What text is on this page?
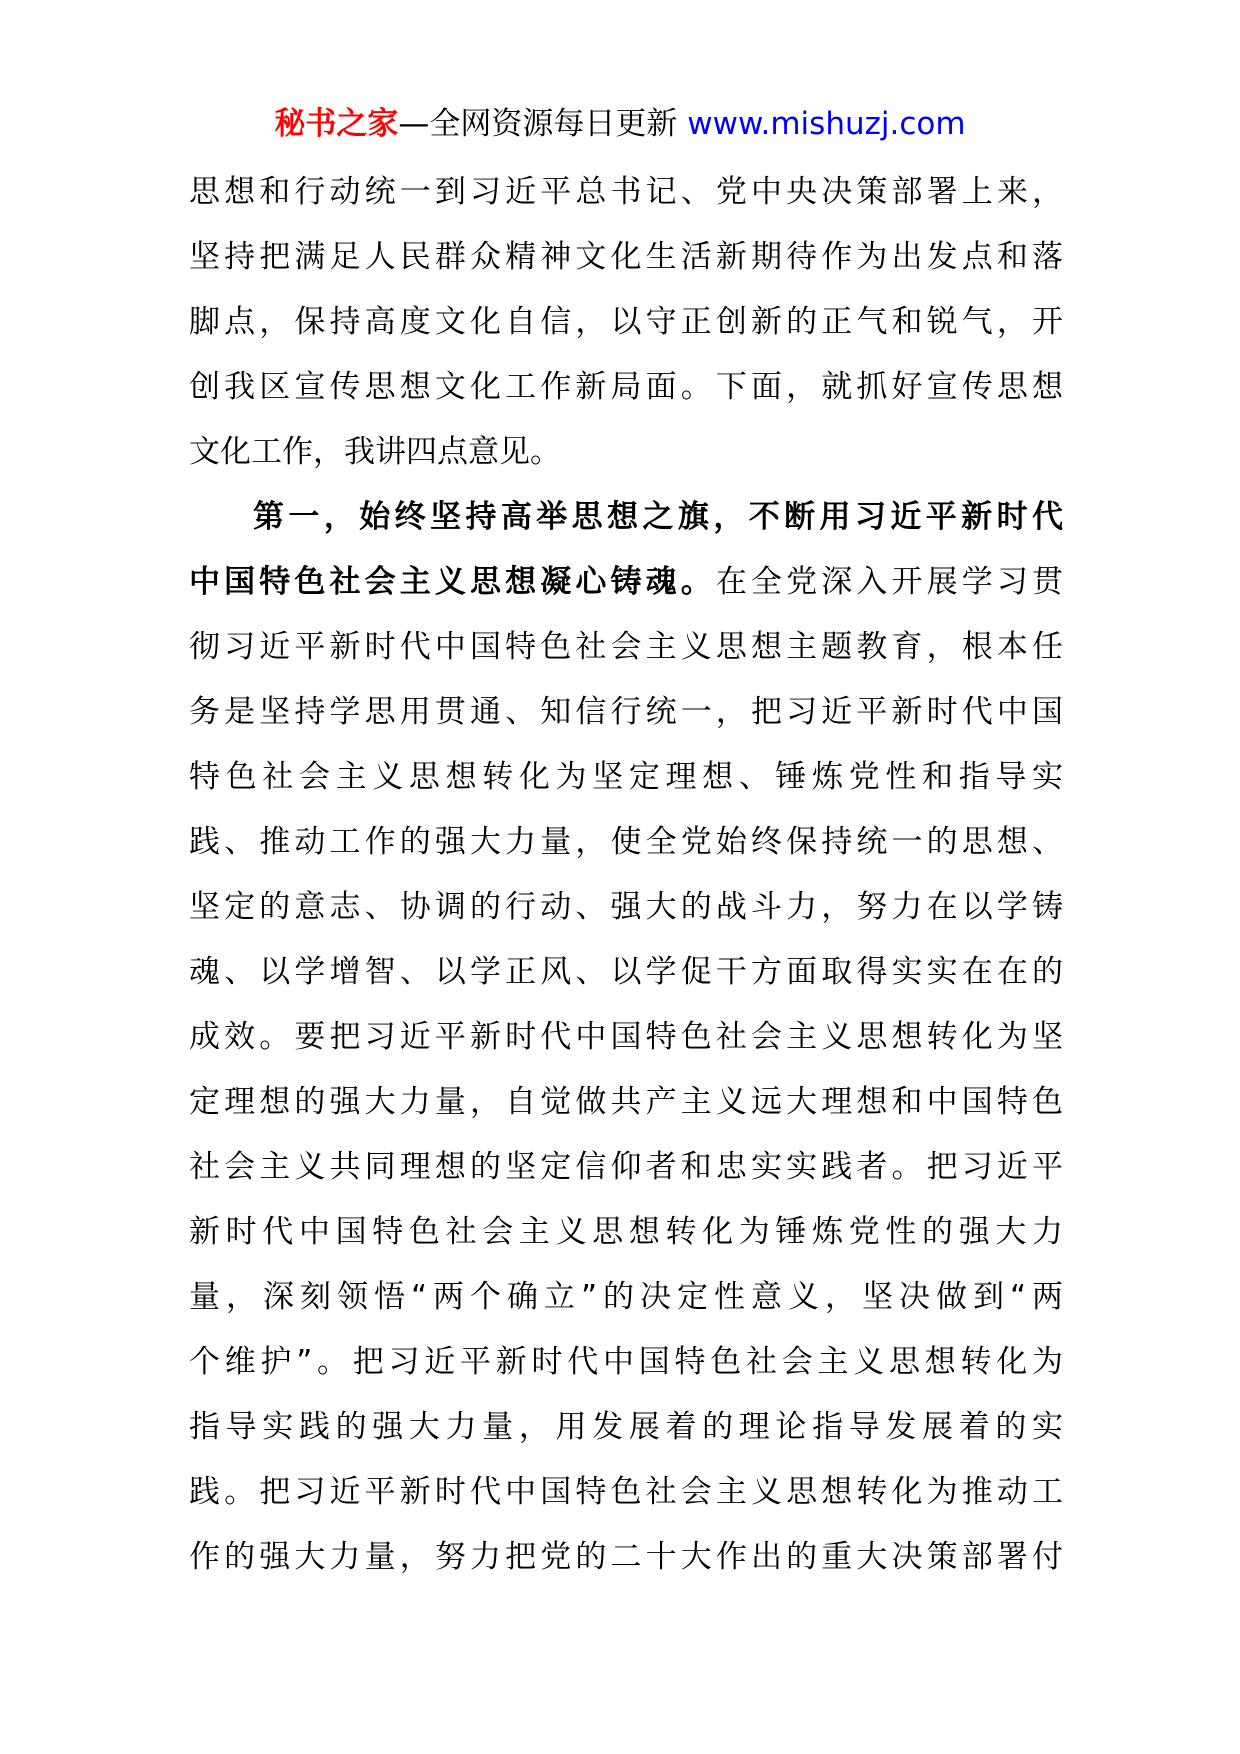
秘书之家—全网资源每日更新 www.mishuzj.com
思想和行动统一到习近平总书记、党中央决策部署上来，
坚持把满足人民群众精神文化生活新期待作为出发点和落
脚点，保持高度文化自信，以守正创新的正气和锐气，开
创我区宣传思想文化工作新局面。下面，就抓好宣传思想
文化工作，我讲四点意见。
第一，始终坚持高举思想之旗，不断用习近平新时代
中国特色社会主义思想凝心铸魂。在全党深入开展学习贯
彻习近平新时代中国特色社会主义思想主题教育，根本任
务是坚持学思用贯通、知信行统一，把习近平新时代中国
特色社会主义思想转化为坚定理想、锤炼党性和指导实
践、推动工作的强大力量，使全党始终保持统一的思想、
坚定的意志、协调的行动、强大的战斗力，努力在以学铸
魂、以学增智、以学正风、以学促干方面取得实实在在的
成效。要把习近平新时代中国特色社会主义思想转化为坚
定理想的强大力量，自觉做共产主义远大理想和中国特色
社会主义共同理想的坚定信仰者和忠实实践者。把习近平
新时代中国特色社会主义思想转化为锤炼党性的强大力
量，深刻领悟“两个确立”的决定性意义，坚决做到“两
个维护”。把习近平新时代中国特色社会主义思想转化为
指导实践的强大力量，用发展着的理论指导发展着的实
践。把习近平新时代中国特色社会主义思想转化为推动工
作的强大力量，努力把党的二十大作出的重大决策部署付
